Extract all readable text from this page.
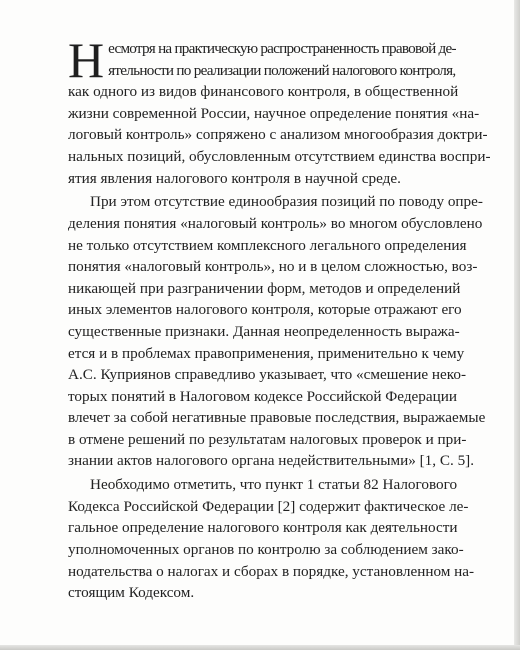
Н есмотря на практическую распространенность правовой де-
ятельности по реализации положений налогового контроля,
как одного из видов финансового контроля, в общественной
жизни современной России, научное определение понятия «на-
логовый контроль» сопряжено с анализом многообразия доктри-
нальных позиций, обусловленным отсутствием единства воспри-
ятия явления налогового контроля в научной среде.
При этом отсутствие единообразия позиций по поводу опре-
деления понятия «налоговый контроль» во многом обусловлено
не только отсутствием комплексного легального определения
понятия «налоговый контроль», но и в целом сложностью, воз-
никающей при разграничении форм, методов и определений
иных элементов налогового контроля, которые отражают его
существенные признаки. Данная неопределенность выража-
ется и в проблемах правоприменения, применительно к чему
А.С. Куприянов справедливо указывает, что «смешение неко-
торых понятий в Налоговом кодексе Российской Федерации
влечет за собой негативные правовые последствия, выражаемые
в отмене решений по результатам налоговых проверок и при-
знании актов налогового органа недействительными» [1, С. 5].
Необходимо отметить, что пункт 1 статьи 82 Налогового
Кодекса Российской Федерации [2] содержит фактическое ле-
гальное определение налогового контроля как деятельности
уполномоченных органов по контролю за соблюдением зако-
нодательства о налогах и сборах в порядке, установленном на-
стоящим Кодексом.
